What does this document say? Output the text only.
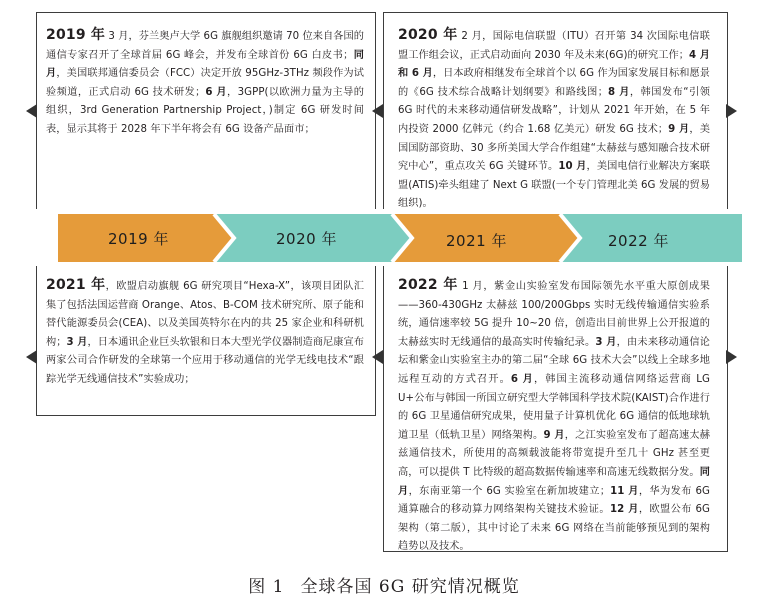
2019 年 3 月，芬兰奥卢大学 6G 旗舰组织邀请 70 位来自各国的通信专家召开了全球首届 6G 峰会，并发布全球首份 6G 白皮书；同月，美国联邦通信委员会（FCC）决定开放 95GHz-3THz 频段作为试验频道，正式启动 6G 技术研发；6 月，3GPP(以欧洲力量为主导的组织，3rd Generation Partnership Project，)制定 6G 研发时间表，显示其将于 2028 年下半年将会有 6G 设备产品面市；
2020 年 2 月，国际电信联盟（ITU）召开第 34 次国际电信联盟工作组会议，正式启动面向 2030 年及未来(6G)的研究工作；4 月和 6 月，日本政府相继发布全球首个以 6G 作为国家发展目标和愿景的《6G 技术综合战略计划纲要》和路线图；8 月，韩国发布“引领 6G 时代的未来移动通信研发战略”，计划从 2021 年开始，在 5 年内投资 2000 亿韩元（约合 1.68 亿美元）研发 6G 技术；9 月，美国国防部资助、30 多所美国大学合作组建“太赫兹与感知融合技术研究中心”，重点攻关 6G 关键环节。10 月，美国电信行业解决方案联盟(ATIS)牵头组建了 Next G 联盟(一个专门管理北美 6G 发展的贸易组织)。
2019 年	2020 年	2021 年	2022 年
2021 年，欧盟启动旗舰 6G 研究项目“Hexa-X”，该项目团队汇集了包括法国运营商 Orange、Atos、B-COM 技术研究所、原子能和替代能源委员会(CEA)、以及美国英特尔在内的共 25 家企业和科研机构；3 月，日本通讯企业巨头软银和日本大型光学仪器制造商尼康宣布两家公司合作研发的全球第一个应用于移动通信的光学无线电技术“跟踪光学无线通信技术”实验成功；
2022 年 1 月，紫金山实验室发布国际领先水平重大原创成果——360-430GHz 太赫兹 100/200Gbps 实时无线传输通信实验系统，通信速率较 5G 提升 10~20 倍，创造出目前世界上公开报道的太赫兹实时无线通信的最高实时传输纪录。3 月，由未来移动通信论坛和紫金山实验室主办的第二届“全球 6G 技术大会”以线上全球多地远程互动的方式召开。6 月，韩国主流移动通信网络运营商 LG U+公布与韩国一所国立研究型大学韩国科学技术院(KAIST)合作进行的 6G 卫星通信研究成果，使用量子计算机优化 6G 通信的低地球轨道卫星（低轨卫星）网络架构。9 月，之江实验室发布了超高速太赫兹通信技术，所使用的高频载波能将带宽提升至几十 GHz 甚至更高，可以提供 T 比特级的超高数据传输速率和高速无线数据分发。同月，东南亚第一个 6G 实验室在新加坡建立；11 月，华为发布 6G 通算融合的移动算力网络架构关键技术验证。12 月，欧盟公布 6G 架构（第二版），其中讨论了未来 6G 网络在当前能够预见到的架构趋势以及技术。
图 1 全球各国 6G 研究情况概览
